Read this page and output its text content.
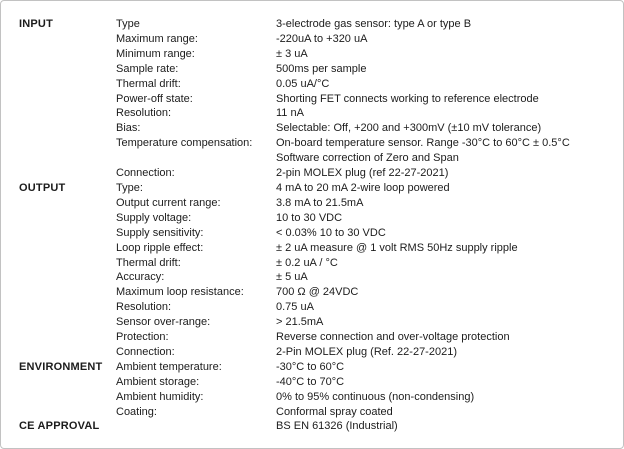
INPUT	Type	3-electrode gas sensor: type A or type B
Maximum range:	-220uA to +320 uA
Minimum range:	± 3 uA
Sample rate:	500ms per sample
Thermal drift:	0.05 uA/°C
Power-off state:	Shorting FET connects working to reference electrode
Resolution:	11 nA
Bias:	Selectable: Off, +200 and +300mV (±10 mV tolerance)
Temperature compensation:	On-board temperature sensor. Range -30°C to 60°C ± 0.5°C
Software correction of Zero and Span
Connection:	2-pin MOLEX plug (ref 22-27-2021)
OUTPUT	Type:	4 mA to 20 mA 2-wire loop powered
Output current range:	3.8 mA to 21.5mA
Supply voltage:	10 to 30 VDC
Supply sensitivity:	< 0.03% 10 to 30 VDC
Loop ripple effect:	± 2 uA measure @ 1 volt RMS 50Hz supply ripple
Thermal drift:	± 0.2 uA / °C
Accuracy:	± 5 uA
Maximum loop resistance:	700 Ω @ 24VDC
Resolution:	0.75 uA
Sensor over-range:	> 21.5mA
Protection:	Reverse connection and over-voltage protection
Connection:	2-Pin MOLEX plug (Ref. 22-27-2021)
ENVIRONMENT	Ambient temperature:	-30°C to 60°C
Ambient storage:	-40°C to 70°C
Ambient humidity:	0% to 95% continuous (non-condensing)
Coating:	Conformal spray coated
CE APPROVAL	BS EN 61326 (Industrial)
